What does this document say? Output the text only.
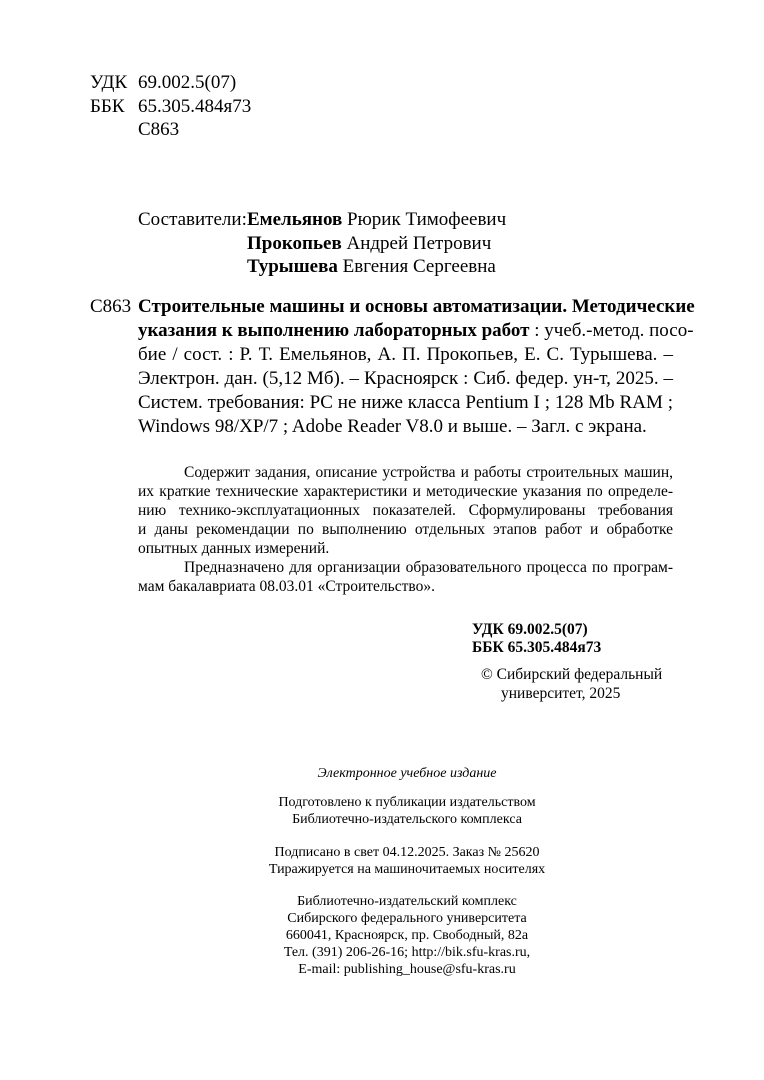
УДК 69.002.5(07)
ББК 65.305.484я73
С863
Составители: Емельянов Рюрик Тимофеевич
Прокопьев Андрей Петрович
Турышева Евгения Сергеевна
С863 Строительные машины и основы автоматизации. Методические
указания к выполнению лабораторных работ : учеб.-метод. посо-
бие / сост. : Р. Т. Емельянов, А. П. Прокопьев, Е. С. Турышева. –
Электрон. дан. (5,12 Мб). – Красноярск : Сиб. федер. ун-т, 2025. –
Систем. требования: PC не ниже класса Pentium I ; 128 Mb RAM ;
Windows 98/XP/7 ; Adobe Reader V8.0 и выше. – Загл. с экрана.
Содержит задания, описание устройства и работы строительных машин,
их краткие технические характеристики и методические указания по определе-
нию технико-эксплуатационных показателей. Сформулированы требования
и даны рекомендации по выполнению отдельных этапов работ и обработке
опытных данных измерений.
Предназначено для организации образовательного процесса по програм-
мам бакалавриата 08.03.01 «Строительство».
УДК 69.002.5(07)
ББК 65.305.484я73
© Сибирский федеральный
университет, 2025
Электронное учебное издание
Подготовлено к публикации издательством
Библиотечно-издательского комплекса
Подписано в свет 04.12.2025. Заказ № 25620
Тиражируется на машиночитаемых носителях
Библиотечно-издательский комплекс
Сибирского федерального университета
660041, Красноярск, пр. Свободный, 82а
Тел. (391) 206-26-16; http://bik.sfu-kras.ru,
E-mail: publishing_house@sfu-kras.ru
